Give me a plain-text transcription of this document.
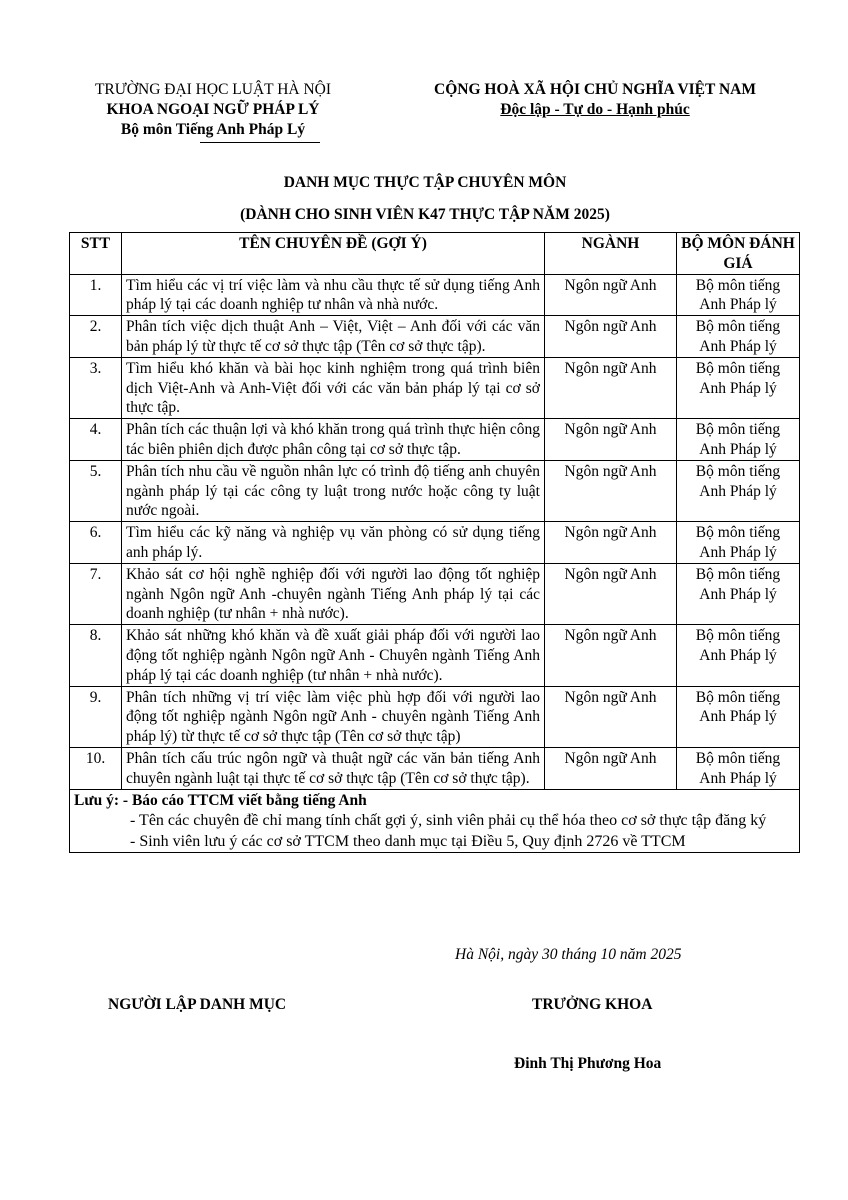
TRƯỜNG ĐẠI HỌC LUẬT HÀ NỘI
KHOA NGOẠI NGỮ PHÁP LÝ
Bộ môn Tiếng Anh Pháp Lý
CỘNG HOÀ XÃ HỘI CHỦ NGHĨA VIỆT NAM
Độc lập - Tự do - Hạnh phúc
DANH MỤC THỰC TẬP CHUYÊN MÔN
(DÀNH CHO SINH VIÊN K47 THỰC TẬP NĂM 2025)
STT	TÊN CHUYÊN ĐỀ (GỢI Ý)	NGÀNH	BỘ MÔN ĐÁNH GIÁ
1.	Tìm hiểu các vị trí việc làm và nhu cầu thực tế sử dụng tiếng Anh pháp lý tại các doanh nghiệp tư nhân và nhà nước.	Ngôn ngữ Anh	Bộ môn tiếng Anh Pháp lý
2.	Phân tích việc dịch thuật Anh – Việt, Việt – Anh đối với các văn bản pháp lý từ thực tế cơ sở thực tập (Tên cơ sở thực tập).	Ngôn ngữ Anh	Bộ môn tiếng Anh Pháp lý
3.	Tìm hiểu khó khăn và bài học kinh nghiệm trong quá trình biên dịch Việt-Anh và Anh-Việt đối với các văn bản pháp lý tại cơ sở thực tập.	Ngôn ngữ Anh	Bộ môn tiếng Anh Pháp lý
4.	Phân tích các thuận lợi và khó khăn trong quá trình thực hiện công tác biên phiên dịch được phân công tại cơ sở thực tập.	Ngôn ngữ Anh	Bộ môn tiếng Anh Pháp lý
5.	Phân tích nhu cầu về nguồn nhân lực có trình độ tiếng anh chuyên ngành pháp lý tại các công ty luật trong nước hoặc công ty luật nước ngoài.	Ngôn ngữ Anh	Bộ môn tiếng Anh Pháp lý
6.	Tìm hiểu các kỹ năng và nghiệp vụ văn phòng có sử dụng tiếng anh pháp lý.	Ngôn ngữ Anh	Bộ môn tiếng Anh Pháp lý
7.	Khảo sát cơ hội nghề nghiệp đối với người lao động tốt nghiệp ngành Ngôn ngữ Anh -chuyên ngành Tiếng Anh pháp lý tại các doanh nghiệp (tư nhân + nhà nước).	Ngôn ngữ Anh	Bộ môn tiếng Anh Pháp lý
8.	Khảo sát những khó khăn và đề xuất giải pháp đối với người lao động tốt nghiệp ngành Ngôn ngữ Anh - Chuyên ngành Tiếng Anh pháp lý tại các doanh nghiệp (tư nhân + nhà nước).	Ngôn ngữ Anh	Bộ môn tiếng Anh Pháp lý
9.	Phân tích những vị trí việc làm việc phù hợp đối với người lao động tốt nghiệp ngành Ngôn ngữ Anh - chuyên ngành Tiếng Anh pháp lý) từ thực tế cơ sở thực tập (Tên cơ sở thực tập)	Ngôn ngữ Anh	Bộ môn tiếng Anh Pháp lý
10.	Phân tích cấu trúc ngôn ngữ và thuật ngữ các văn bản tiếng Anh chuyên ngành luật tại thực tế cơ sở thực tập (Tên cơ sở thực tập).	Ngôn ngữ Anh	Bộ môn tiếng Anh Pháp lý

Lưu ý: - Báo cáo TTCM viết bằng tiếng Anh
- Tên các chuyên đề chỉ mang tính chất gợi ý, sinh viên phải cụ thể hóa theo cơ sở thực tập đăng ký
- Sinh viên lưu ý các cơ sở TTCM theo danh mục tại Điều 5, Quy định 2726 về TTCM			
Hà Nội, ngày 30 tháng 10 năm 2025
NGƯỜI LẬP DANH MỤC	TRƯỞNG KHOA
Đinh Thị Phương Hoa
